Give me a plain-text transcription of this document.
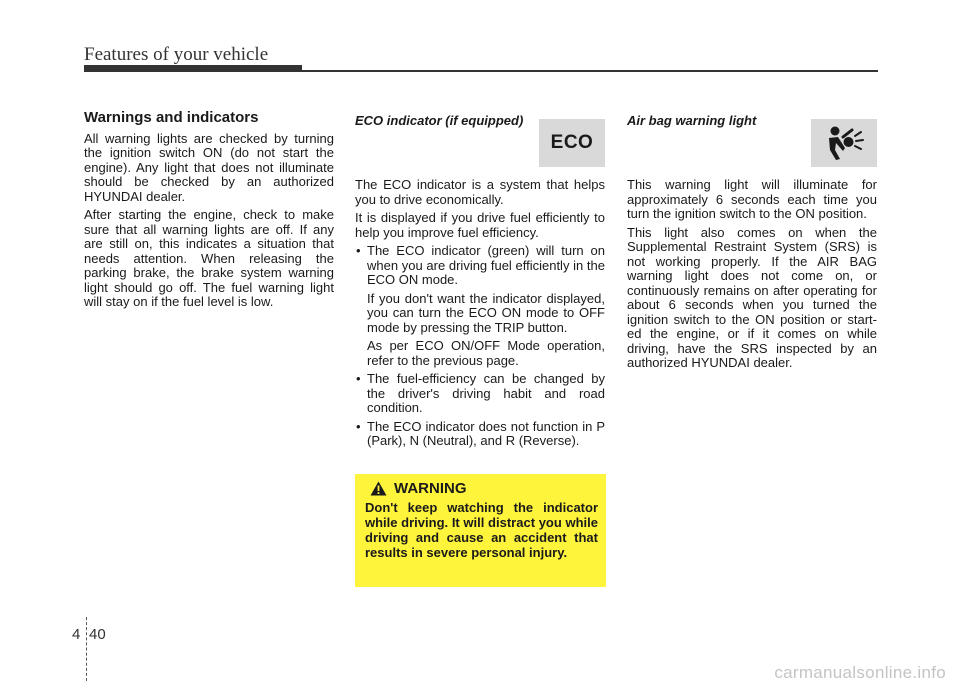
Features of your vehicle
Warnings and indicators

All warning lights are checked by turning the ignition switch ON (do not start the engine). Any light that does not illuminate should be checked by an authorized HYUNDAI dealer.

After starting the engine, check to make sure that all warning lights are off. If any are still on, this indicates a situation that needs attention. When releasing the parking brake, the brake system warning light should go off. The fuel warning light will stay on if the fuel level is low.

ECO indicator (if equipped)
ECO

The ECO indicator is a system that helps you to drive economically.

It is displayed if you drive fuel efficiently to help you improve fuel efficiency.

• The ECO indicator (green) will turn on when you are driving fuel efficiently in the ECO ON mode.
If you don't want the indicator displayed, you can turn the ECO ON mode to OFF mode by pressing the TRIP button.
As per ECO ON/OFF Mode operation, refer to the previous page.
• The fuel-efficiency can be changed by the driver's driving habit and road condition.
• The ECO indicator does not function in P (Park), N (Neutral), and R (Reverse).
WARNING

Don't keep watching the indicator while driving. It will distract you while driving and cause an accident that results in severe personal injury.

Air bag warning light

This warning light will illuminate for approximately 6 seconds each time you turn the ignition switch to the ON position.

This light also comes on when the Supplemental Restraint System (SRS) is not working properly. If the AIR BAG warning light does not come on, or continuously remains on after operating for about 6 seconds when you turned the ignition switch to the ON position or start-ed the engine, or if it comes on while driving, have the SRS inspected by an authorized HYUNDAI dealer.

4 40
carmanualsonline.info
